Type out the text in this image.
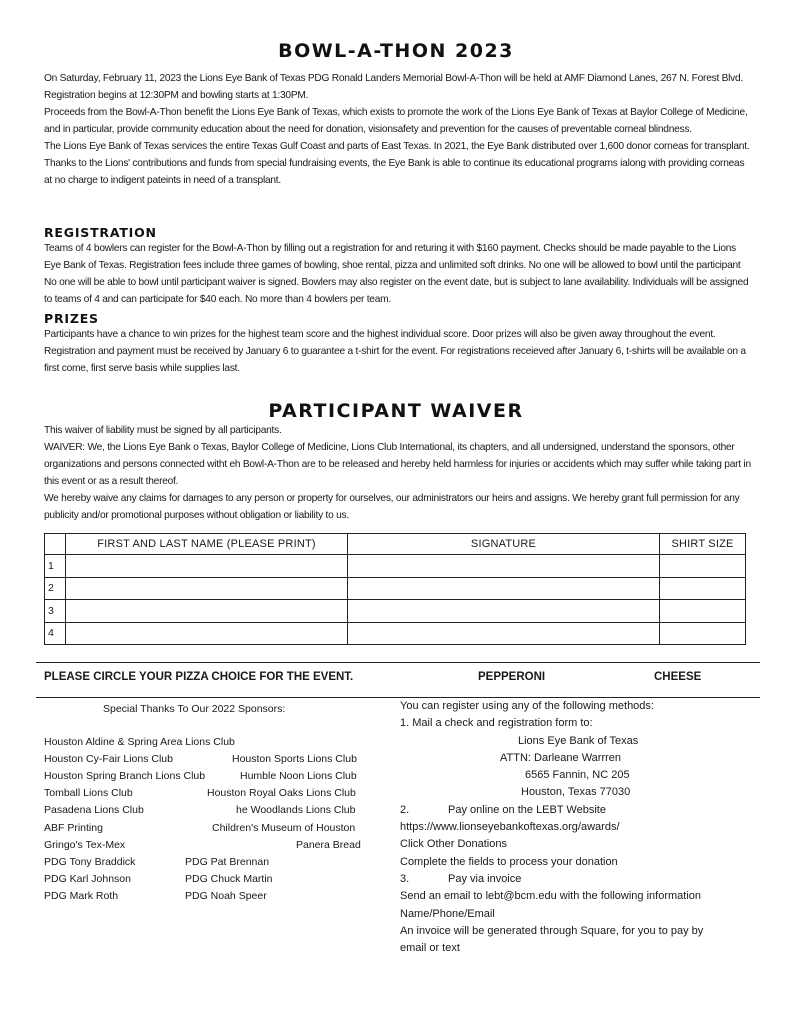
BOWL-A-THON 2023

On Saturday, February 11, 2023 the Lions Eye Bank of Texas PDG Ronald Landers Memorial Bowl-A-Thon will be held at AMF Diamond Lanes, 267 N. Forest Blvd. Registration begins at 12:30PM and bowling starts at 1:30PM.

Proceeds from the Bowl-A-Thon benefit the Lions Eye Bank of Texas, which exists to promote the work of the Lions Eye Bank of Texas at Baylor College of Medicine, and in particular, provide community education about the need for donation, visionsafety and prevention for the causes of preventable corneal blindness.

The Lions Eye Bank of Texas services the entire Texas Gulf Coast and parts of East Texas. In 2021, the Eye Bank distributed over 1,600 donor corneas for transplant.

Thanks to the Lions' contributions and funds from special fundraising events, the Eye Bank is able to continue its educational programs ialong with providing corneas at no charge to indigent pateints in need of a transplant.

REGISTRATION

Teams of 4 bowlers can register for the Bowl-A-Thon by filling out a registration for and returing it with $160 payment. Checks should be made payable to the Lions Eye Bank of Texas. Registration fees include three games of bowling, shoe rental, pizza and unlimited soft drinks. No one will be allowed to bowl until the participant No one will be able to bowl until participant waiver is signed. Bowlers may also register on the event date, but is subject to lane availability. Individuals will be assigned to teams of 4 and can participate for $40 each. No more than 4 bowlers per team.

PRIZES

Participants have a chance to win prizes for the highest team score and the highest individual score. Door prizes will also be given away throughout the event.

Registration and payment must be received by January 6 to guarantee a t-shirt for the event. For registrations receieved after January 6, t-shirts will be available on a first come, first serve basis while supplies last.

PARTICIPANT WAIVER

This waiver of liability must be signed by all participants.

WAIVER: We, the Lions Eye Bank o Texas, Baylor College of Medicine, Lions Club International, its chapters, and all undersigned, understand the sponsors, other organizations and persons connected witht eh Bowl-A-Thon are to be released and hereby held harmless for injuries or accidents which may suffer while taking part in this event or as a result thereof.

We hereby waive any claims for damages to any person or property for ourselves, our administrators our heirs and assigns. We hereby grant full permission for any publicity and/or promotional purposes without obligation or liability to us.

	FIRST AND LAST NAME (PLEASE PRINT)	SIGNATURE	SHIRT SIZE
1			
2			
3			
4			
PLEASE CIRCLE YOUR PIZZA CHOICE FOR THE EVENT.	PEPPERONI	CHEESE
Special Thanks To Our 2022 Sponsors:
Houston Aldine & Spring Area Lions Club
Houston Cy-Fair Lions Club	Houston Sports Lions Club
Houston Spring Branch Lions Club	Humble Noon Lions Club
Tomball Lions Club	Houston Royal Oaks Lions Club
Pasadena Lions Club	he Woodlands Lions Club
ABF Printing	Children's Museum of Houston
Gringo's Tex-Mex	Panera Bread
PDG Tony Braddick	PDG Pat Brennan
PDG Karl Johnson	PDG Chuck Martin
PDG Mark Roth	PDG Noah Speer
You can register using any of the following methods:
1. Mail a check and registration form to:
Lions Eye Bank of Texas
ATTN: Darleane Warrren
6565 Fannin, NC 205
Houston, Texas 77030
2.	Pay online on the LEBT Website
https://www.lionseyebankoftexas.org/awards/
Click Other Donations
Complete the fields to process your donation
3.	Pay via invoice
Send an email to lebt@bcm.edu with the following information
Name/Phone/Email
An invoice will be generated through Square, for you to pay by
email or text
